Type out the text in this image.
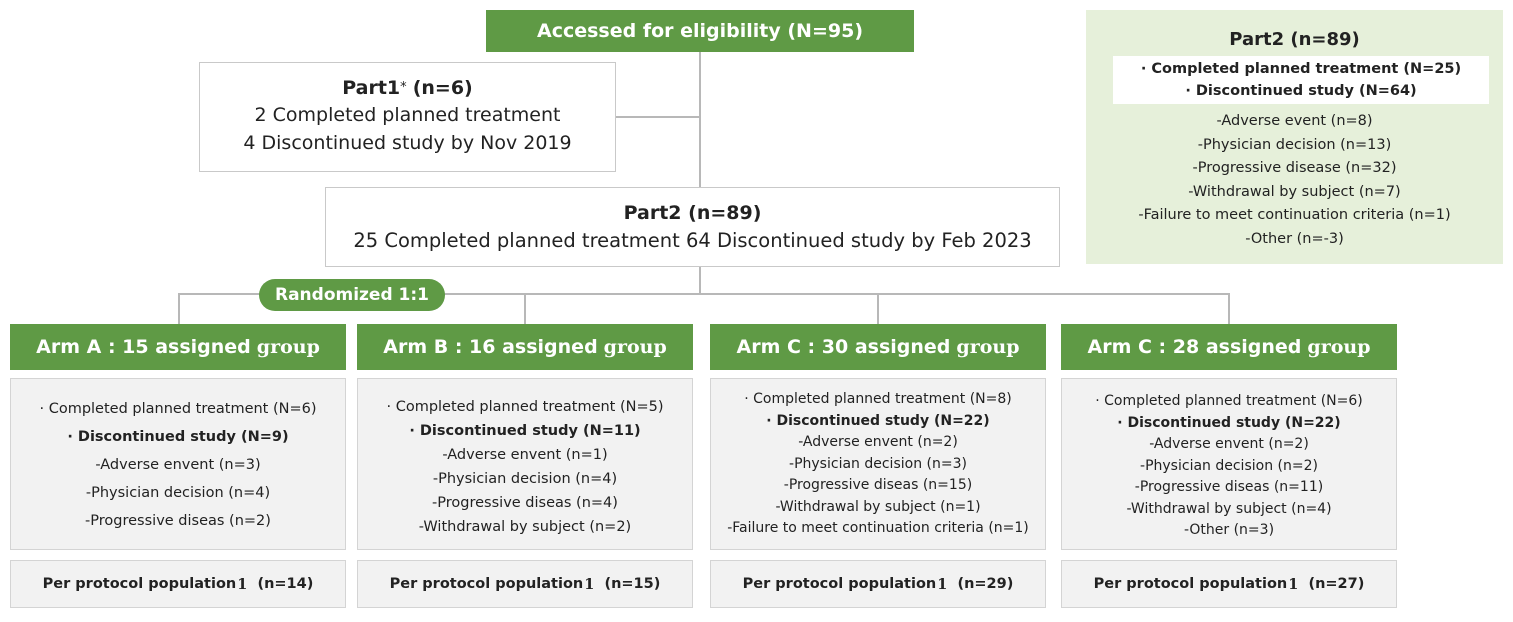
Accessed for eligibility (N=95)
Part1* (n=6)
2 Completed planned treatment
4 Discontinued study by Nov 2019
Part2 (n=89)
25 Completed planned treatment 64 Discontinued study by Feb 2023
Randomized 1:1
Part2 (n=89)
· Completed planned treatment (N=25)
· Discontinued study (N=64)
-Adverse event (n=8)
-Physician decision (n=13)
-Progressive disease (n=32)
-Withdrawal by subject (n=7)
-Failure to meet continuation criteria (n=1)
-Other (n=-3)
Arm A : 15 assigned group
· Completed planned treatment (N=6)
· Discontinued study (N=9)
-Adverse envent (n=3)
-Physician decision (n=4)
-Progressive diseas (n=2)
Per protocol population 1
(n=14)
Arm B : 16 assigned group
· Completed planned treatment (N=5)
· Discontinued study (N=11)
-Adverse envent (n=1)
-Physician decision (n=4)
-Progressive diseas (n=4)
-Withdrawal by subject (n=2)
Per protocol population 1
(n=15)
Arm C : 30 assigned group
· Completed planned treatment (N=8)
· Discontinued study (N=22)
-Adverse envent (n=2)
-Physician decision (n=3)
-Progressive diseas (n=15)
-Withdrawal by subject (n=1)
-Failure to meet continuation criteria (n=1)
Per protocol population 1
(n=29)
Arm C : 28 assigned group
· Completed planned treatment (N=6)
· Discontinued study (N=22)
-Adverse envent (n=2)
-Physician decision (n=2)
-Progressive diseas (n=11)
-Withdrawal by subject (n=4)
-Other (n=3)
Per protocol population 1
(n=27)
